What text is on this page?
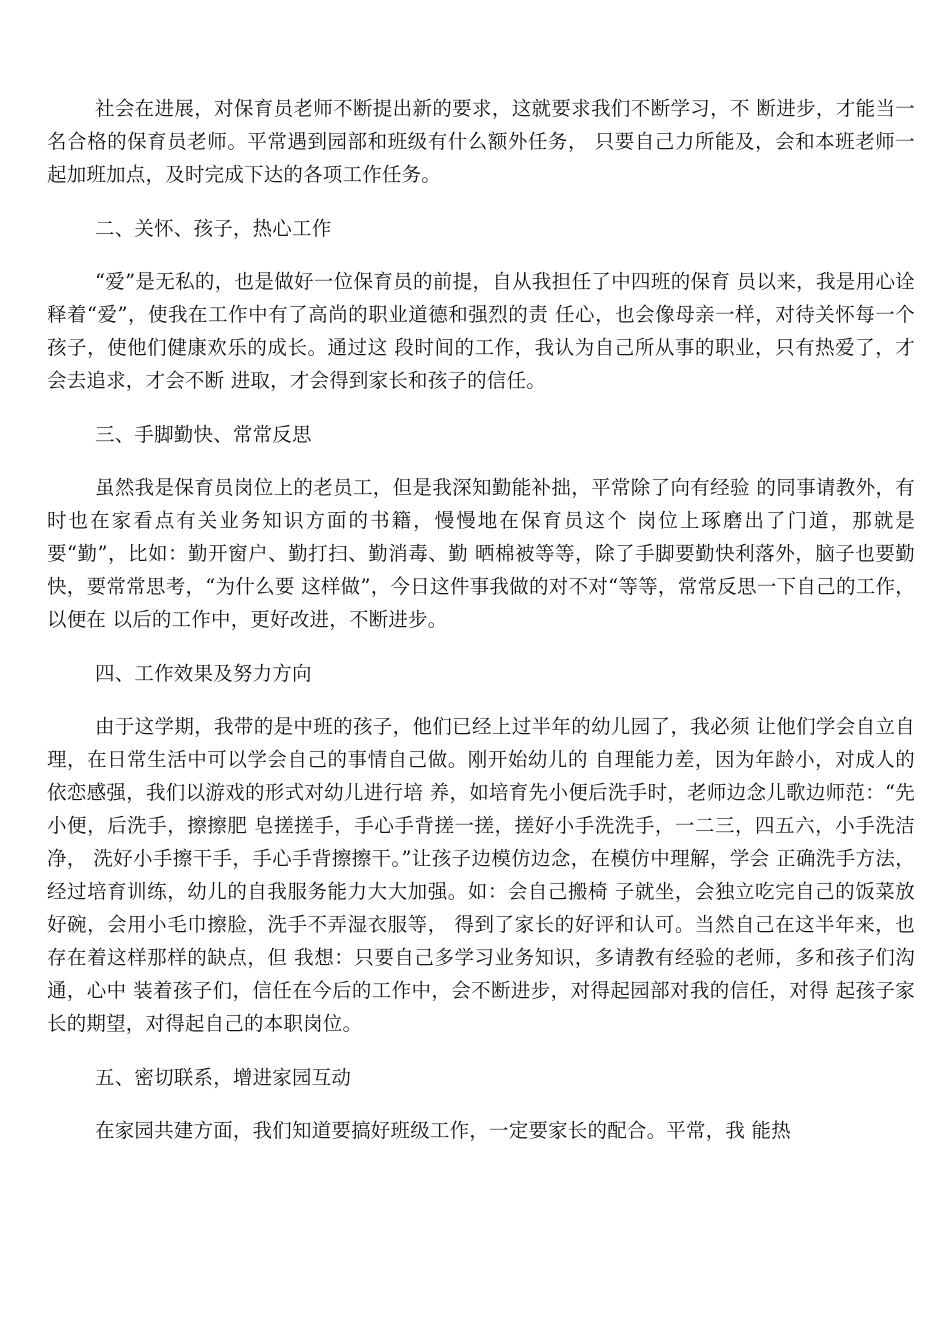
社会在进展，对保育员老师不断提出新的要求，这就要求我们不断学习，不 断进步，才能当一名合格的保育员老师。平常遇到园部和班级有什么额外任务， 只要自己力所能及，会和本班老师一起加班加点，及时完成下达的各项工作任务。

二、关怀、孩子，热心工作

“爱”是无私的，也是做好一位保育员的前提，自从我担任了中四班的保育 员以来，我是用心诠释着“爱”，使我在工作中有了高尚的职业道德和强烈的责 任心，也会像母亲一样，对待关怀每一个孩子，使他们健康欢乐的成长。通过这 段时间的工作，我认为自己所从事的职业，只有热爱了，才会去追求，才会不断 进取，才会得到家长和孩子的信任。

三、手脚勤快、常常反思

虽然我是保育员岗位上的老员工，但是我深知勤能补拙，平常除了向有经验 的同事请教外，有时也在家看点有关业务知识方面的书籍，慢慢地在保育员这个 岗位上琢磨出了门道，那就是要“勤”，比如：勤开窗户、勤打扫、勤消毒、勤 晒棉被等等，除了手脚要勤快利落外，脑子也要勤快，要常常思考，“为什么要 这样做”，今日这件事我做的对不对“等等，常常反思一下自己的工作，以便在 以后的工作中，更好改进，不断进步。

四、工作效果及努力方向

由于这学期，我带的是中班的孩子，他们已经上过半年的幼儿园了，我必须 让他们学会自立自理，在日常生活中可以学会自己的事情自己做。刚开始幼儿的 自理能力差，因为年龄小，对成人的依恋感强，我们以游戏的形式对幼儿进行培 养，如培育先小便后洗手时，老师边念儿歌边师范：“先小便，后洗手，擦擦肥 皂搓搓手，手心手背搓一搓，搓好小手洗洗手，一二三，四五六，小手洗洁净， 洗好小手擦干手，手心手背擦擦干。”让孩子边模仿边念，在模仿中理解，学会 正确洗手方法，经过培育训练，幼儿的自我服务能力大大加强。如：会自己搬椅 子就坐，会独立吃完自己的饭菜放好碗，会用小毛巾擦脸，洗手不弄湿衣服等， 得到了家长的好评和认可。当然自己在这半年来，也存在着这样那样的缺点，但 我想：只要自己多学习业务知识，多请教有经验的老师，多和孩子们沟通，心中 装着孩子们，信任在今后的工作中，会不断进步，对得起园部对我的信任，对得 起孩子家长的期望，对得起自己的本职岗位。

五、密切联系，增进家园互动

在家园共建方面，我们知道要搞好班级工作，一定要家长的配合。平常，我 能热
